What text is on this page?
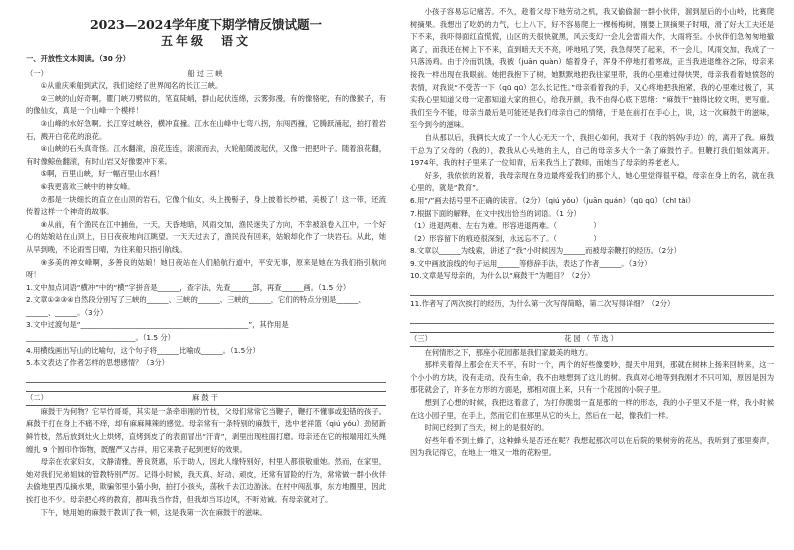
2023—2024学年度下期学情反馈试题一
五年级　语文
一、开放性文本阅读。（30 分）
（一）	船过三峡

①从重庆乘船到武汉，我们途经了世界闻名的长江三峡。

②三峡的山好奇啊，瞿门峡刀劈似的，笔直陡峭，群山起伏连绵，云雾弥漫，有的像骆驼，有的像猴子，有的像仙女，真是一个山峰一个模样！

③山峰的水好急啊。长江穿过峡谷，横冲直撞。江水在山峰中七弯八拐，东闯西撞，它腾跃涌起，拍打着岩石，溅开白花花的浪花。

④山峡的石头真奇怪。江水翻滚，浪花连连，滚滚而去，大轮船随波起伏，又像一把把叶子。随着浪花翻，有时像鲸鱼翻滚，有时山岩又好像要冲下来。

⑤啊，百里山峡，好一幅百里山水画！

⑥我更喜欢三峡中的神女峰。

⑦那是一块细长的直立在山顶的岩石，它像个仙女，头上挽髻子，身上披着长纱裙，美极了！这一带，还流传着这样一个神奇的故事。

⑧从前，有个渔民在江中捕鱼，一天，天昏地暗，风雨交加，渔民迷失了方向，不幸被浪卷入江中，一个好心的姑娘站在山顶上，日日夜夜地向江眺望。一天天过去了，渔民没有回来，姑娘却化作了一块岩石。从此，她从早到晚，不论雨雪日晴，为往来船只指引航线。

⑨多美的神女峰啊，多善良的姑娘！她日夜站在人们船航行道中，平安无事，原来是她在为我们指引航向呀！

1.文中加点词语“横冲”中的“横”字拼音是______，查字法，先查______部，再查______画。（1.5 分）
2.文章①②③④自然段分别写了三峡的______、三峡的______、三峡的______，它们的特点分别是______、______、______。（3分）
3.文中过渡句是“______________________________________________”，其作用是______________________________。（1.5 分）
4.用横线画出写山的比喻句，这个句子将______比喻成______。（1.5分）
5.本文表达了作者怎样的思想感情？（3分）
（二）	麻鼓干

麻鼓干为何物？它早竹哥哥，其实是一条牵串刚的竹枝，父母们常常它当鞭子，鞭打不懂事或犯错的孩子。麻鼓干打在身上不痛不痒，却有麻麻辣辣的感觉。母亲常有一条特别的麻鼓干，选中老祥篮（qiú yǒu）劲韧新鲜竹枝，然后放到灶火上烘烤，直烤到皮了的表面冒出“汗青”，剥里出现柱面打磨。母亲还在它的根端用红头绳缠扎 9 个圆印作饰物，既醒严又吉祥，用它来教子起到更好的效果。

母亲在农家妇女，文静清雅，善良贤惠，乐于助人，因此人缘特别好，村里人都很敬重她。然而，在家里，她对我们兄弟姐妹的管教特别严厉。记得小时候，我天真、好动、顽皮，还常有冒险的行为，常常做一群小伙伴去偷地里西瓜摘水果，欺骗邻里小猫小狗，拍打小孩头，荡秋千去江边游泳。在村中闯乱事，东方地圈里，因此挨打也不少。母亲把心疼的教育，都叫我当作背，但我却当耳边风，不听劝诫。有母亲就对了。

下午，她用她的麻鼓干教训了我一顿，这是我第一次在麻鼓干的滋味。

小孩子容易忘记痛苦。不久，趁着父母下地劳动之机，我又偷偷溜一群小伙伴，溜到屋后的小山岭，比赛爬树摘果。我想出了吃奶的力气，七上八下，好不容易爬上一棵杨梅树，刚要上顶摘果子时哦，滑了好大工夫还是下不来，我吓得面红直慌慌，山区的天很快就黑，风云变幻一会儿会雷雨大作，大雨将至。小伙伴们急匆匆地撤离了，而我还在树上下不来，直到暗天天不亮，呼地吼了哭，我急得哭了起来，不一会儿，风雨交加，我成了一只落汤鸡。由于冷而饥饿，我被（juān quàn）缩着身子，浑身不停地打着寒战，正当我进退维谷之际，母亲来接我一样出现在我眼前。她把我抱下了树，她默默地把我往家里带，我的心里难过得快哭，母亲我看着她愤怒的表情，对我说“不受苦一下（qū qū）怎么长记性。”母亲看着我的手，又心疼地把我抱紧，我的心里难过极了，其实我心里知道父母一定都知道大家的担心，给我开颜，我不由得心底下思绪：“麻鼓干”抽得比较文明，更写重。我们至今不能，母亲当最后是可能还是我们母亲自己的情绪，于是在前打在手心上，说，这一次麻鼓干的滋味，至今到今的滋味。

自从那以后，我俩长大成了一个人心无天一个，我担心如何，我对于（我的妈妈/手边）的，离开了我。麻鼓干总为了父母的（我的），教我从心头地的主人，自己的母亲多大个一条了麻鼓竹子。但鞭打我们姐妹离开。1974年，我的村子里来了一位知青，后来我当上了教师，而她当了母亲的养老老人。

好多，我依依的说着，我母亲现在身边最疼爱我们的那个人，她心里觉得很平稳，母亲在身上的名，就在我心里的，就是“教育”。

6.用“/”画去括号里不正确的读音。（2分）（qiú yǒu）（juān quán）（qū qū）（chī tài）
7.根据下面的解释，在文中找出恰当的词语。（1 分）
（1）进退两难、左右为难。形容进退两难。（　　　　　）
（2）形容留下的痕迹很深刻，永远忘不了。（　　　　　）
8.文章以______为线索，讲述了“我”小时候因为______而被母亲鞭打的经历。（2分）
9.文中画波浪线的句子运用______等修辞手法，表达了作者______。（3分）
10.文章是写母亲的，为什么以“麻鼓干”为题目？（2分）
11.作者写了两次挨打的经历，为什么第一次写得简略，第二次写得详细？（2分）
（三）	花园（节选）

在何情形之下，那座小花园都是我们家最美的地方。

那样夹着得上那会在天不平，有时一个，两个的好些像要吵，提天中用到，那就在树林上扬来回转来，这一个小小的方块，没有走动，没有生命，我不由地想到了这儿的树。我真对心地等到我刚才不只可知，原因是因为那花就会了，许多在方形的方面是，那相对面上来，只有一个花园的小院子里。

想到了心想的时候，我把这着意了，为打你脆弱一直是那的一样的形态，我的小子里又不是一样，我小时候在这小园子里，在手上，然而它们在那里从它的头上，然后在一起，像我们一样。

时间已经到了当天，树上的是很好的。

好些年看不到土蜂了，这种蜂头是否还在呢？我想起那次可以在后院的果树旁的花丛，我听到了那里奏声，因为我记得它，在地上一堆又一堆的花粉里。
